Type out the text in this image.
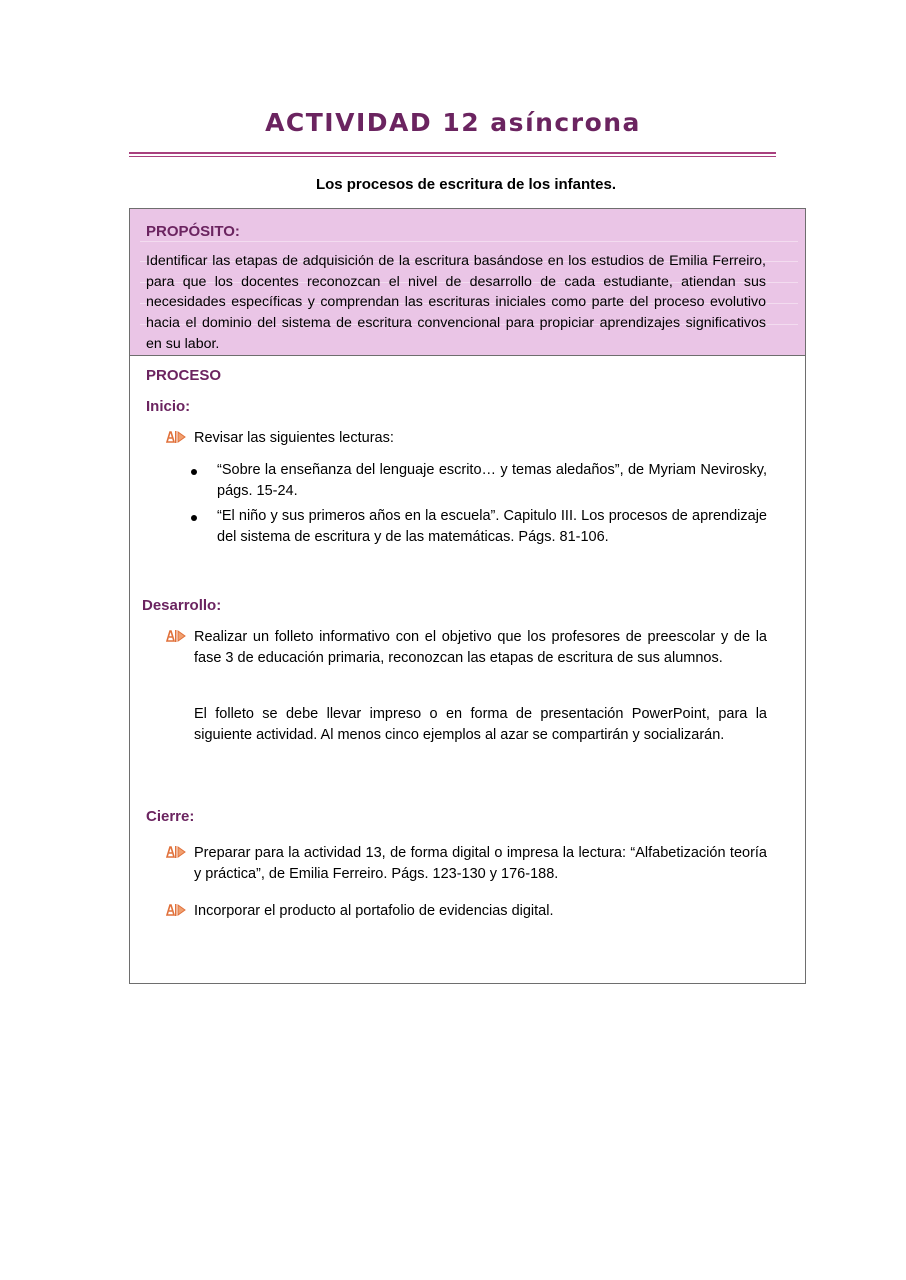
ACTIVIDAD 12 asíncrona
Los procesos de escritura de los infantes.
PROPÓSITO:
Identificar las etapas de adquisición de la escritura basándose en los estudios de Emilia Ferreiro, para que los docentes reconozcan el nivel de desarrollo de cada estudiante, atiendan sus necesidades específicas y comprendan las escrituras iniciales como parte del proceso evolutivo hacia el dominio del sistema de escritura convencional para propiciar aprendizajes significativos en su labor.
PROCESO
Inicio:
Revisar las siguientes lecturas:
“Sobre la enseñanza del lenguaje escrito… y temas aledaños”, de Myriam Nevirosky, págs. 15-24.
“El niño y sus primeros años en la escuela”. Capitulo III. Los procesos de aprendizaje del sistema de escritura y de las matemáticas. Págs. 81-106.
Desarrollo:
Realizar un folleto informativo con el objetivo que los profesores de preescolar y de la fase 3 de educación primaria, reconozcan las etapas de escritura de sus alumnos.
El folleto se debe llevar impreso o en forma de presentación PowerPoint, para la siguiente actividad. Al menos cinco ejemplos al azar se compartirán y socializarán.
Cierre:
Preparar para la actividad 13, de forma digital o impresa la lectura: “Alfabetización teoría y práctica”, de Emilia Ferreiro. Págs. 123-130 y 176-188.
Incorporar el producto al portafolio de evidencias digital.
